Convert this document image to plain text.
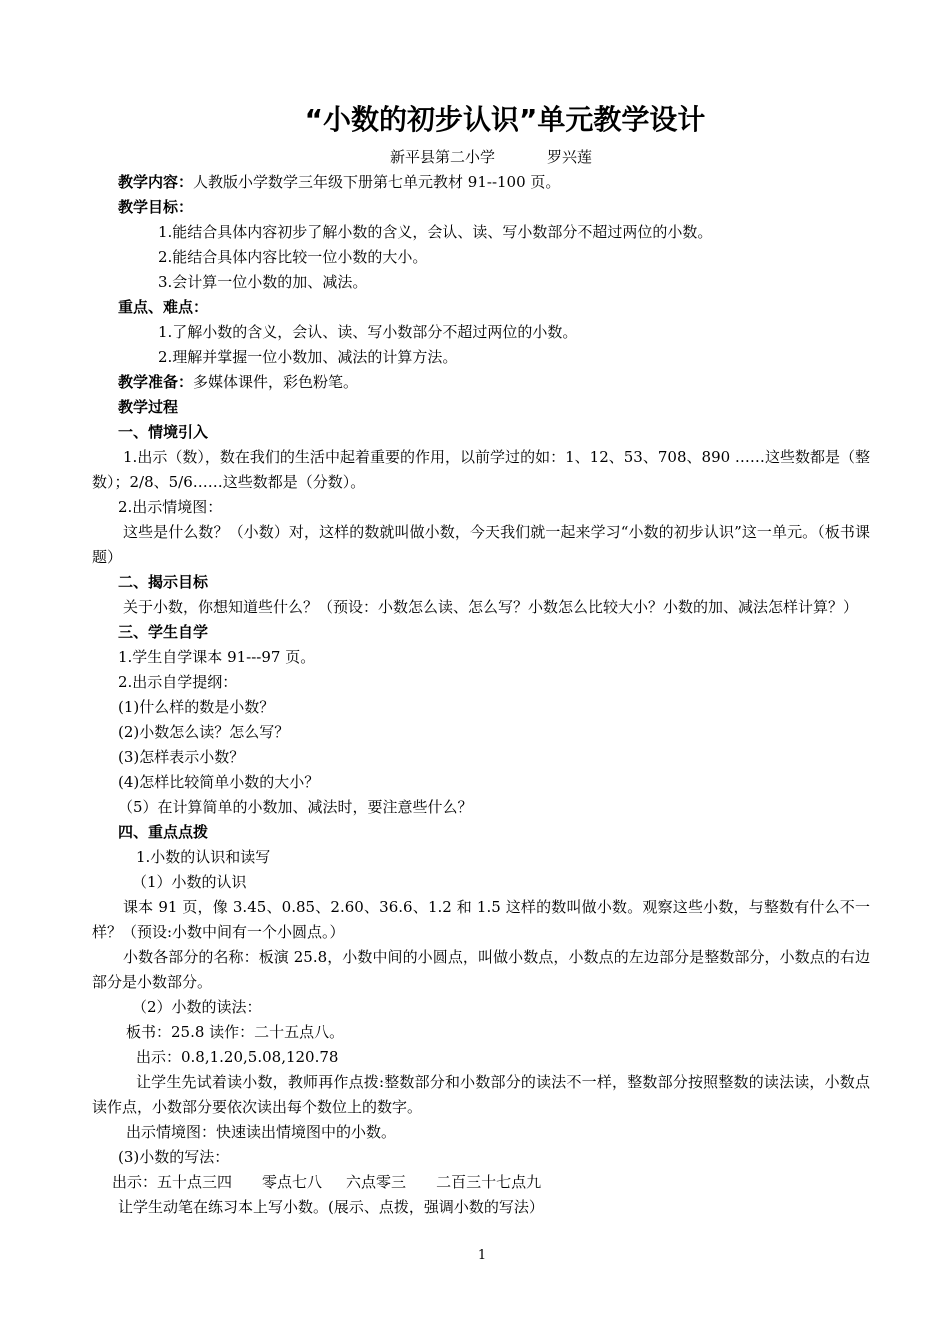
“小数的初步认识”单元教学设计
新平县第二小学	罗兴莲

教学内容：人教版小学数学三年级下册第七单元教材 91--100 页。

教学目标：

1.能结合具体内容初步了解小数的含义，会认、读、写小数部分不超过两位的小数。

2.能结合具体内容比较一位小数的大小。

3.会计算一位小数的加、减法。

重点、难点：

1.了解小数的含义，会认、读、写小数部分不超过两位的小数。

2.理解并掌握一位小数加、减法的计算方法。

教学准备：多媒体课件，彩色粉笔。

教学过程

一、情境引入

1.出示（数），数在我们的生活中起着重要的作用，以前学过的如：1、12、53、708、890 ……这些数都是（整数）；2/8、5/6……这些数都是（分数）。

2.出示情境图：

这些是什么数？（小数）对，这样的数就叫做小数，今天我们就一起来学习“小数的初步认识”这一单元。（板书课题）

二、揭示目标

关于小数，你想知道些什么？（预设：小数怎么读、怎么写？小数怎么比较大小？小数的加、减法怎样计算？）

三、学生自学

1.学生自学课本 91---97 页。

2.出示自学提纲：

(1)什么样的数是小数？

(2)小数怎么读？怎么写？

(3)怎样表示小数？

(4)怎样比较简单小数的大小？

（5）在计算简单的小数加、减法时，要注意些什么？

四、重点点拨

1.小数的认识和读写

（1）小数的认识

课本 91 页，像 3.45、0.85、2.60、36.6、1.2 和 1.5 这样的数叫做小数。观察这些小数，与整数有什么不一样？（预设:小数中间有一个小圆点。）

小数各部分的名称：板演 25.8，小数中间的小圆点，叫做小数点，小数点的左边部分是整数部分，小数点的右边部分是小数部分。

（2）小数的读法：

板书：25.8 读作：二十五点八。

出示：0.8,1.20,5.08,120.78

让学生先试着读小数，教师再作点拨:整数部分和小数部分的读法不一样，整数部分按照整数的读法读，小数点读作点，小数部分要依次读出每个数位上的数字。

出示情境图：快速读出情境图中的小数。

(3)小数的写法：

出示：五十点三四 零点七八 六点零三 二百三十七点九

让学生动笔在练习本上写小数。(展示、点拨，强调小数的写法）

1
